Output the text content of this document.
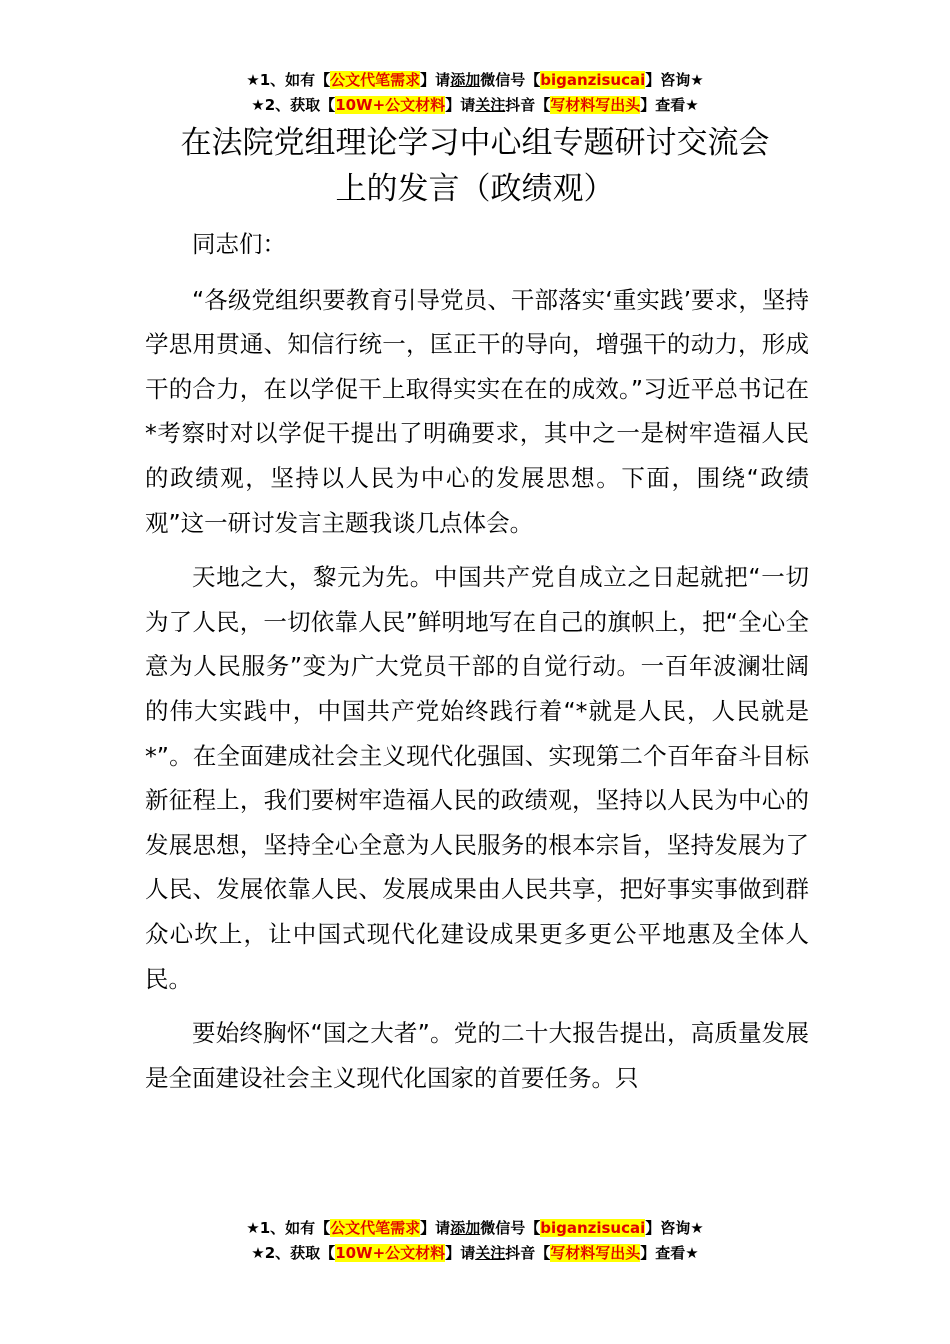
★1、如有【公文代笔需求】请添加微信号【biganzisucai】咨询★
★2、获取【10W+公文材料】请关注抖音【写材料写出头】查看★
在法院党组理论学习中心组专题研讨交流会
上的发言（政绩观）

同志们：

“各级党组织要教育引导党员、干部落实‘重实践’要求，坚持学思用贯通、知信行统一，匡正干的导向，增强干的动力，形成干的合力，在以学促干上取得实实在在的成效。”习近平总书记在*考察时对以学促干提出了明确要求，其中之一是树牢造福人民的政绩观，坚持以人民为中心的发展思想。下面，围绕“政绩观”这一研讨发言主题我谈几点体会。

天地之大，黎元为先。中国共产党自成立之日起就把“一切为了人民，一切依靠人民”鲜明地写在自己的旗帜上，把“全心全意为人民服务”变为广大党员干部的自觉行动。一百年波澜壮阔的伟大实践中，中国共产党始终践行着“*就是人民，人民就是*”。在全面建成社会主义现代化强国、实现第二个百年奋斗目标新征程上，我们要树牢造福人民的政绩观，坚持以人民为中心的发展思想，坚持全心全意为人民服务的根本宗旨，坚持发展为了人民、发展依靠人民、发展成果由人民共享，把好事实事做到群众心坎上，让中国式现代化建设成果更多更公平地惠及全体人民。

要始终胸怀“国之大者”。党的二十大报告提出，高质量发展是全面建设社会主义现代化国家的首要任务。只

★1、如有【公文代笔需求】请添加微信号【biganzisucai】咨询★
★2、获取【10W+公文材料】请关注抖音【写材料写出头】查看★
